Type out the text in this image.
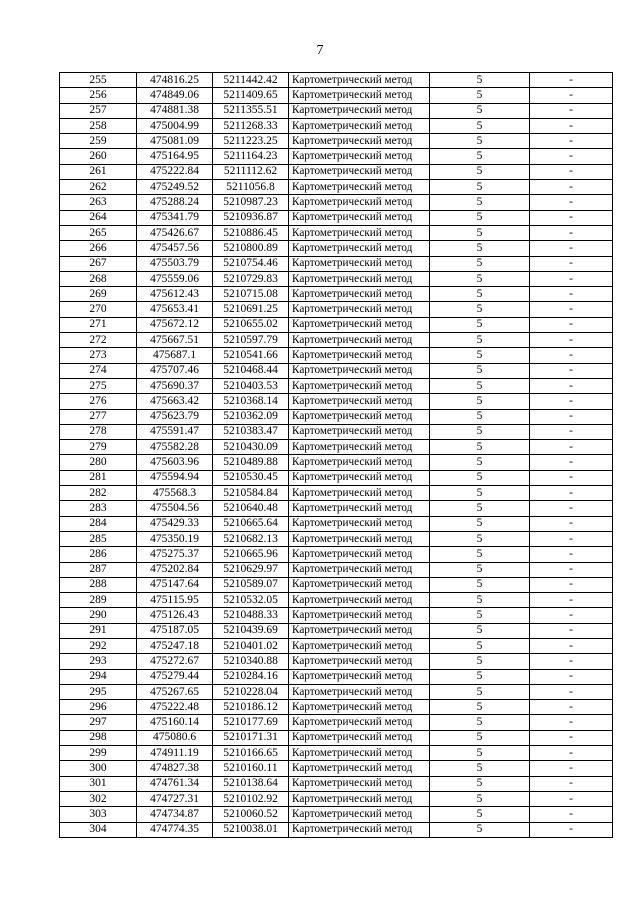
7
255	474816.25	5211442.42	Картометрический метод	5	-
256	474849.06	5211409.65	Картометрический метод	5	-
257	474881.38	5211355.51	Картометрический метод	5	-
258	475004.99	5211268.33	Картометрический метод	5	-
259	475081.09	5211223.25	Картометрический метод	5	-
260	475164.95	5211164.23	Картометрический метод	5	-
261	475222.84	5211112.62	Картометрический метод	5	-
262	475249.52	5211056.8	Картометрический метод	5	-
263	475288.24	5210987.23	Картометрический метод	5	-
264	475341.79	5210936.87	Картометрический метод	5	-
265	475426.67	5210886.45	Картометрический метод	5	-
266	475457.56	5210800.89	Картометрический метод	5	-
267	475503.79	5210754.46	Картометрический метод	5	-
268	475559.06	5210729.83	Картометрический метод	5	-
269	475612.43	5210715.08	Картометрический метод	5	-
270	475653.41	5210691.25	Картометрический метод	5	-
271	475672.12	5210655.02	Картометрический метод	5	-
272	475667.51	5210597.79	Картометрический метод	5	-
273	475687.1	5210541.66	Картометрический метод	5	-
274	475707.46	5210468.44	Картометрический метод	5	-
275	475690.37	5210403.53	Картометрический метод	5	-
276	475663.42	5210368.14	Картометрический метод	5	-
277	475623.79	5210362.09	Картометрический метод	5	-
278	475591.47	5210383.47	Картометрический метод	5	-
279	475582.28	5210430.09	Картометрический метод	5	-
280	475603.96	5210489.88	Картометрический метод	5	-
281	475594.94	5210530.45	Картометрический метод	5	-
282	475568.3	5210584.84	Картометрический метод	5	-
283	475504.56	5210640.48	Картометрический метод	5	-
284	475429.33	5210665.64	Картометрический метод	5	-
285	475350.19	5210682.13	Картометрический метод	5	-
286	475275.37	5210665.96	Картометрический метод	5	-
287	475202.84	5210629.97	Картометрический метод	5	-
288	475147.64	5210589.07	Картометрический метод	5	-
289	475115.95	5210532.05	Картометрический метод	5	-
290	475126.43	5210488.33	Картометрический метод	5	-
291	475187.05	5210439.69	Картометрический метод	5	-
292	475247.18	5210401.02	Картометрический метод	5	-
293	475272.67	5210340.88	Картометрический метод	5	-
294	475279.44	5210284.16	Картометрический метод	5	-
295	475267.65	5210228.04	Картометрический метод	5	-
296	475222.48	5210186.12	Картометрический метод	5	-
297	475160.14	5210177.69	Картометрический метод	5	-
298	475080.6	5210171.31	Картометрический метод	5	-
299	474911.19	5210166.65	Картометрический метод	5	-
300	474827.38	5210160.11	Картометрический метод	5	-
301	474761.34	5210138.64	Картометрический метод	5	-
302	474727.31	5210102.92	Картометрический метод	5	-
303	474734.87	5210060.52	Картометрический метод	5	-
304	474774.35	5210038.01	Картометрический метод	5	-
